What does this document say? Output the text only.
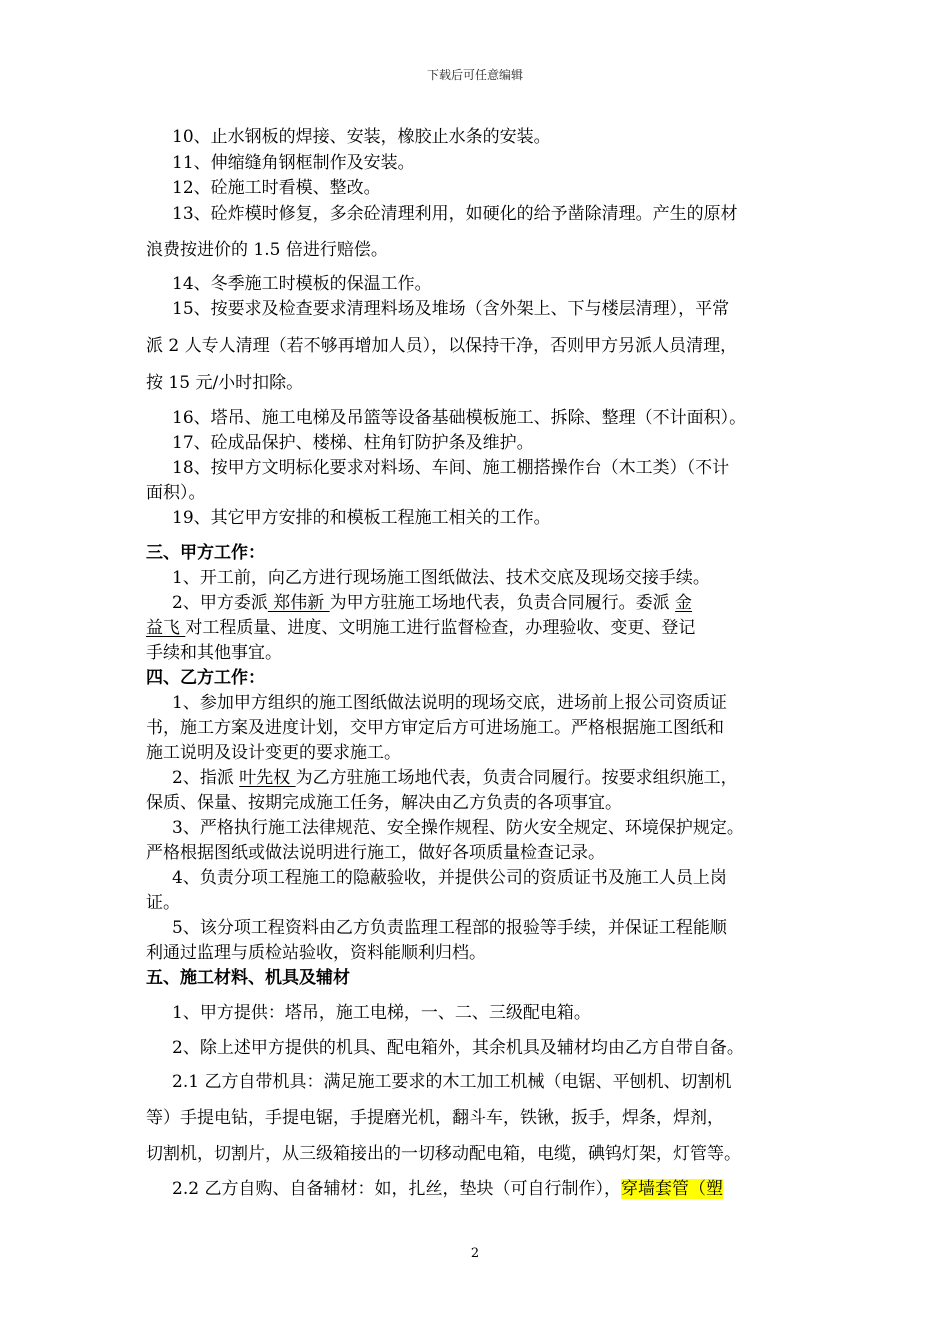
下载后可任意编辑
10、止水钢板的焊接、安装，橡胶止水条的安装。
11、伸缩缝角钢框制作及安装。
12、砼施工时看模、整改。
13、砼炸模时修复，多余砼清理利用，如硬化的给予凿除清理。产生的原材
浪费按进价的 1.5 倍进行赔偿。
14、冬季施工时模板的保温工作。
15、按要求及检查要求清理料场及堆场（含外架上、下与楼层清理），平常
派 2 人专人清理（若不够再增加人员），以保持干净，否则甲方另派人员清理，
按 15 元/小时扣除。
16、塔吊、施工电梯及吊篮等设备基础模板施工、拆除、整理（不计面积）。
17、砼成品保护、楼梯、柱角钉防护条及维护。
18、按甲方文明标化要求对料场、车间、施工棚搭操作台（木工类）（不计
面积）。
19、其它甲方安排的和模板工程施工相关的工作。
三、甲方工作：
1、开工前，向乙方进行现场施工图纸做法、技术交底及现场交接手续。
2、甲方委派 郑伟新 为甲方驻施工场地代表，负责合同履行。委派 金
益飞 对工程质量、进度、文明施工进行监督检查，办理验收、变更、登记
手续和其他事宜。
四、乙方工作：
1、参加甲方组织的施工图纸做法说明的现场交底，进场前上报公司资质证
书，施工方案及进度计划，交甲方审定后方可进场施工。严格根据施工图纸和
施工说明及设计变更的要求施工。
2、指派 叶先权 为乙方驻施工场地代表，负责合同履行。按要求组织施工，
保质、保量、按期完成施工任务，解决由乙方负责的各项事宜。
3、严格执行施工法律规范、安全操作规程、防火安全规定、环境保护规定。
严格根据图纸或做法说明进行施工，做好各项质量检查记录。
4、负责分项工程施工的隐蔽验收，并提供公司的资质证书及施工人员上岗
证。
5、该分项工程资料由乙方负责监理工程部的报验等手续，并保证工程能顺
利通过监理与质检站验收，资料能顺利归档。
五、施工材料、机具及辅材
1、甲方提供：塔吊，施工电梯，一、二、三级配电箱。
2、除上述甲方提供的机具、配电箱外，其余机具及辅材均由乙方自带自备。
2.1 乙方自带机具：满足施工要求的木工加工机械（电锯、平刨机、切割机
等）手提电钻，手提电锯，手提磨光机，翻斗车，铁锹，扳手，焊条，焊剂，
切割机，切割片，从三级箱接出的一切移动配电箱，电缆，碘钨灯架，灯管等。
2.2 乙方自购、自备辅材：如，扎丝，垫块（可自行制作），穿墙套管（塑
2
